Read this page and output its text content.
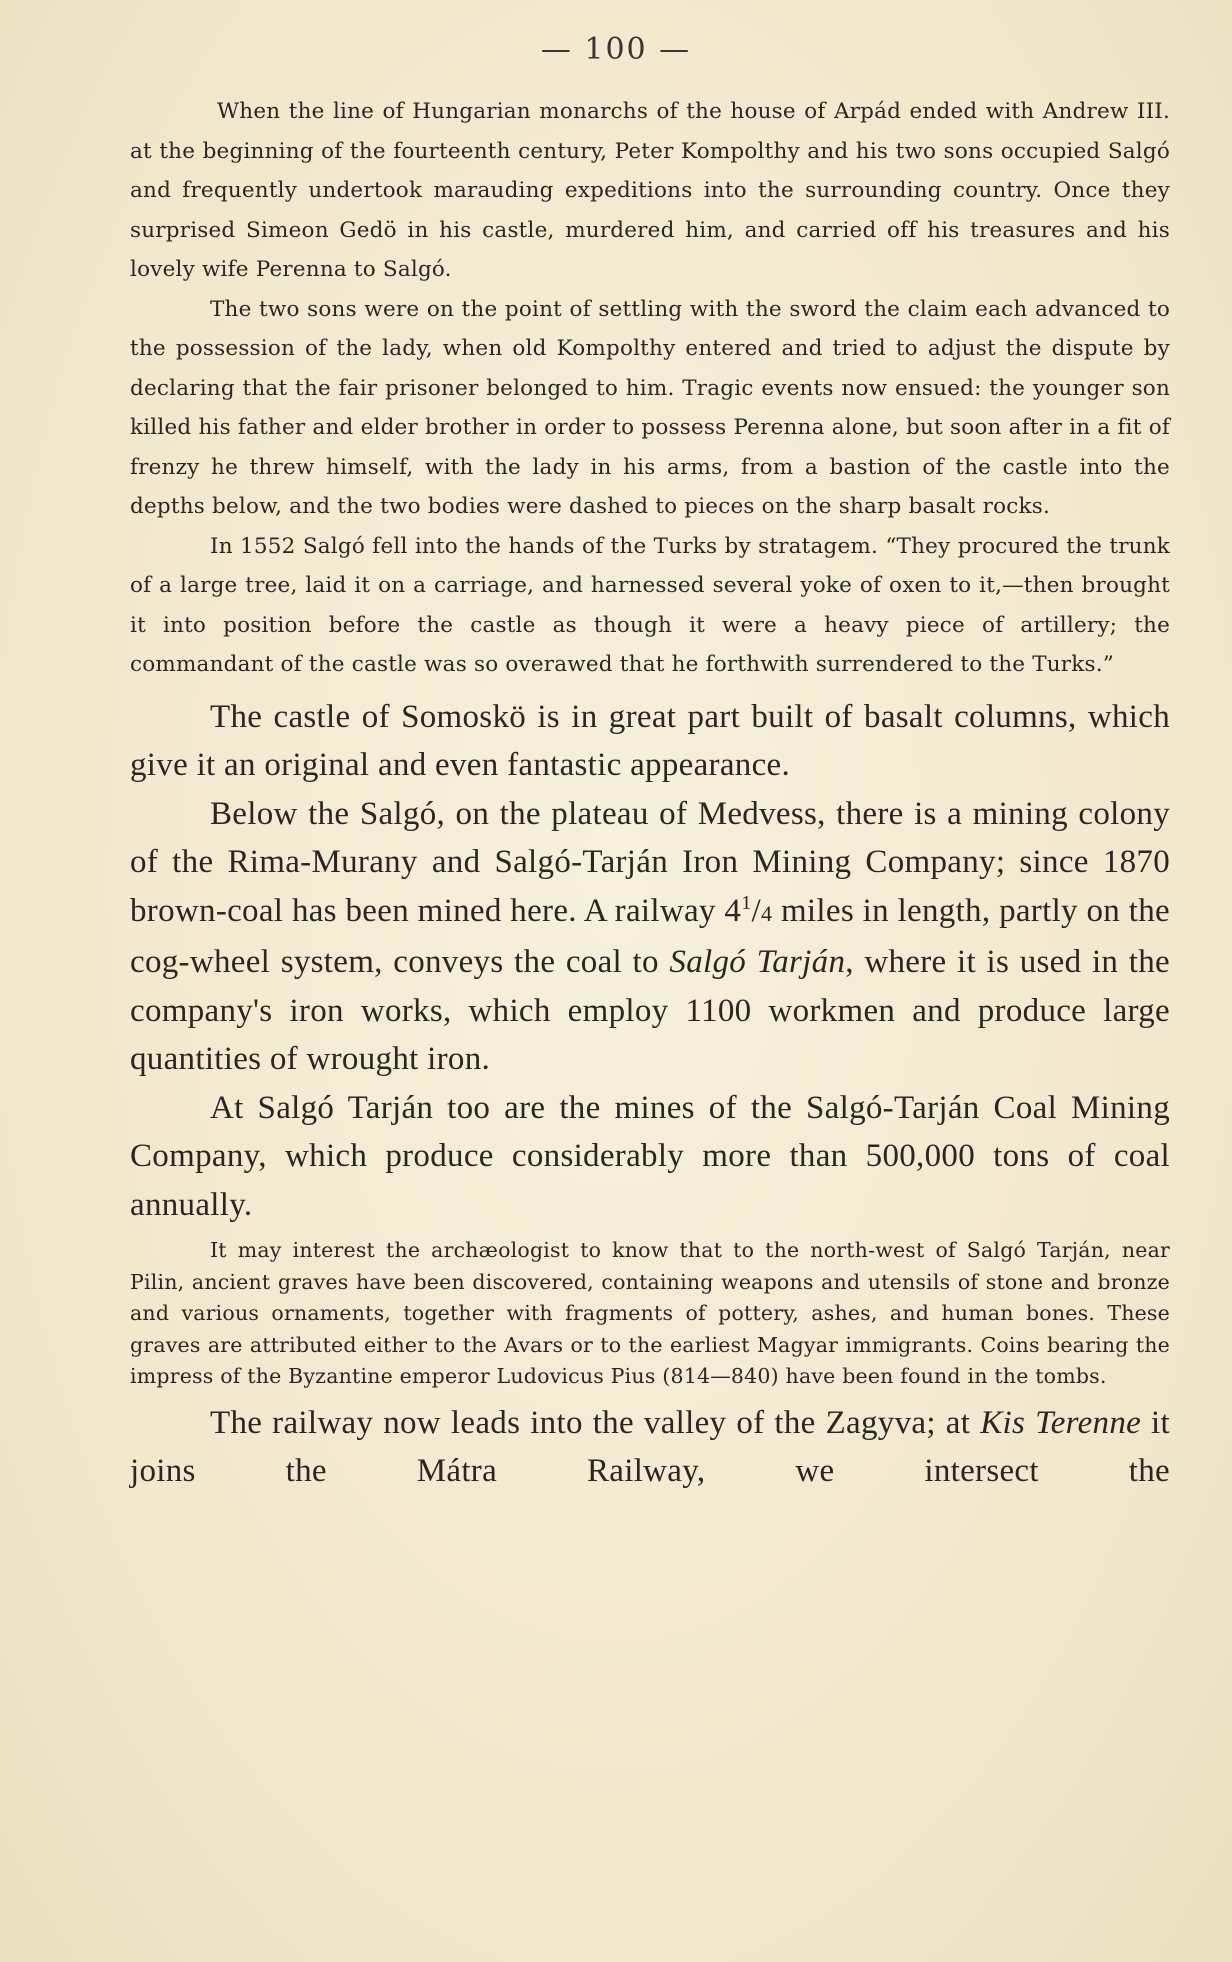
— 100 —

When the line of Hungarian monarchs of the house of Arpád ended with Andrew III. at the beginning of the fourteenth century, Peter Kompolthy and his two sons occupied Salgó and frequently undertook marauding expeditions into the surrounding country. Once they surprised Simeon Gedö in his castle, murdered him, and carried off his treasures and his lovely wife Perenna to Salgó.

The two sons were on the point of settling with the sword the claim each advanced to the possession of the lady, when old Kompolthy entered and tried to adjust the dispute by declaring that the fair prisoner belonged to him. Tragic events now ensued: the younger son killed his father and elder brother in order to possess Perenna alone, but soon after in a fit of frenzy he threw himself, with the lady in his arms, from a bastion of the castle into the depths below, and the two bodies were dashed to pieces on the sharp basalt rocks.

In 1552 Salgó fell into the hands of the Turks by stratagem. “They procured the trunk of a large tree, laid it on a carriage, and harnessed several yoke of oxen to it,—then brought it into position before the castle as though it were a heavy piece of artillery; the commandant of the castle was so overawed that he forthwith surrendered to the Turks.”

The castle of Somoskö is in great part built of basalt columns, which give it an original and even fantastic appearance.

Below the Salgó, on the plateau of Medvess, there is a mining colony of the Rima-Murany and Salgó-Tarján Iron Mining Company; since 1870 brown-coal has been mined here. A railway $4^1/4$ miles in length, partly on the cog-wheel system, conveys the coal to Salgó Tarján, where it is used in the company's iron works, which employ 1100 workmen and produce large quantities of wrought iron.

At Salgó Tarján too are the mines of the Salgó-Tarján Coal Mining Company, which produce considerably more than 500,000 tons of coal annually.

It may interest the archæologist to know that to the north-west of Salgó Tarján, near Pilin, ancient graves have been discovered, containing weapons and utensils of stone and bronze and various ornaments, together with fragments of pottery, ashes, and human bones. These graves are attributed either to the Avars or to the earliest Magyar immigrants. Coins bearing the impress of the Byzantine emperor Ludovicus Pius (814—840) have been found in the tombs.

The railway now leads into the valley of the Zagyva; at Kis Terenne it joins the Mátra Railway, we intersect the
